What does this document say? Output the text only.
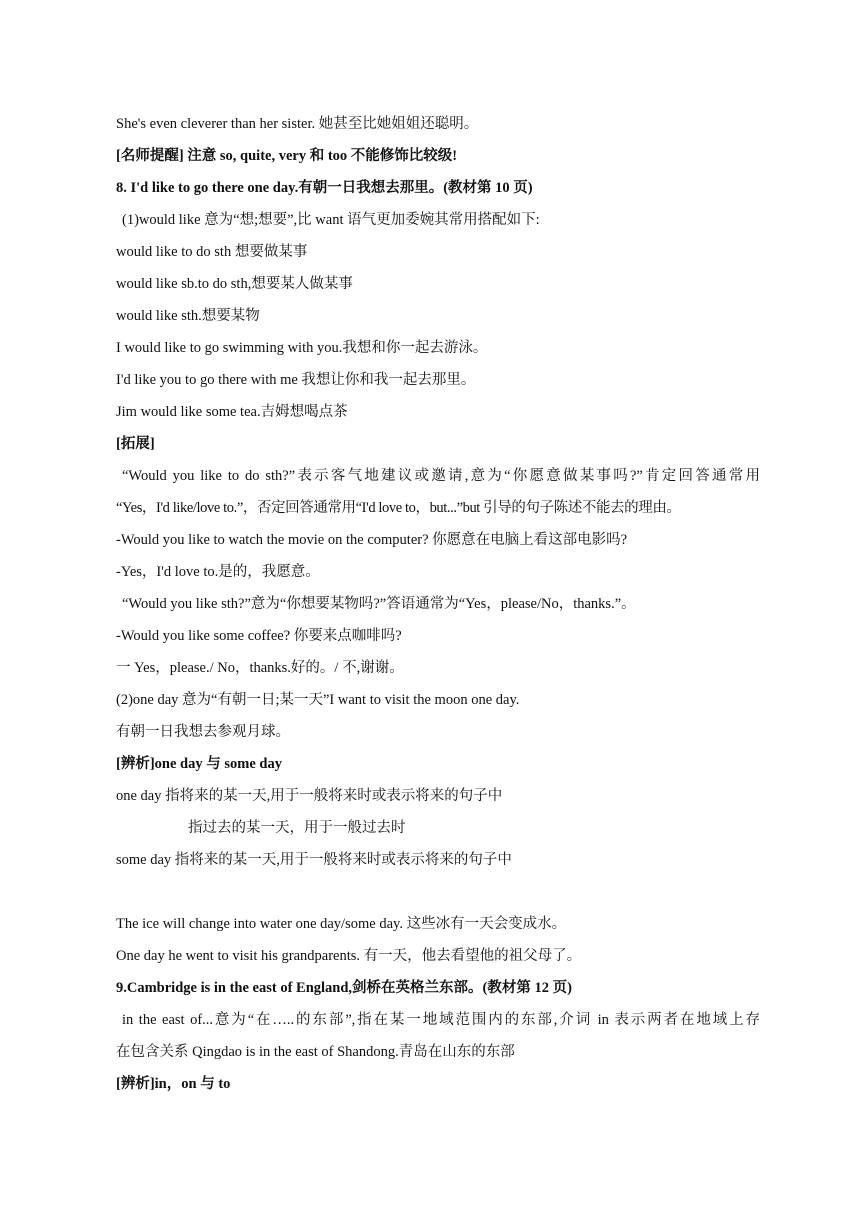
She's even cleverer than her sister. 她甚至比她姐姐还聪明。
[名师提醒] 注意 so, quite, very 和 too 不能修饰比较级!
8. I'd like to go there one day.有朝一日我想去那里。(教材第 10 页)
(1)would like 意为“想;想要”,比 want 语气更加委婉其常用搭配如下:
would like to do sth 想要做某事
would like sb.to do sth,想要某人做某事
would like sth.想要某物
I would like to go swimming with you.我想和你一起去游泳。
I'd like you to go there with me 我想让你和我一起去那里。
Jim would like some tea.吉姆想喝点茶
[拓展]
“Would you like to do sth?”表示客气地建议或邀请,意为“你愿意做某事吗?”肯定回答通常用
“Yes，I'd like/love to.”，否定回答通常用“I'd love to，but...”but 引导的句子陈述不能去的理由。
-Would you like to watch the movie on the computer? 你愿意在电脑上看这部电影吗?
-Yes，I'd love to.是的，我愿意。
“Would you like sth?”意为“你想要某物吗?”答语通常为“Yes，please/No，thanks.”。
-Would you like some coffee? 你要来点咖啡吗?
一 Yes，please./ No，thanks.好的。/ 不,谢谢。
(2)one day 意为“有朝一日;某一天”I want to visit the moon one day.
有朝一日我想去参观月球。
[辨析]one day 与 some day
one day 指将来的某一天,用于一般将来时或表示将来的句子中
指过去的某一天，用于一般过去时
some day 指将来的某一天,用于一般将来时或表示将来的句子中
The ice will change into water one day/some day. 这些冰有一天会变成水。
One day he went to visit his grandparents. 有一天，他去看望他的祖父母了。
9.Cambridge is in the east of England,剑桥在英格兰东部。(教材第 12 页)
in the east of...意为“在…..的东部”,指在某一地域范围内的东部,介词 in 表示两者在地域上存
在包含关系 Qingdao is in the east of Shandong.青岛在山东的东部
[辨析]in，on 与 to
